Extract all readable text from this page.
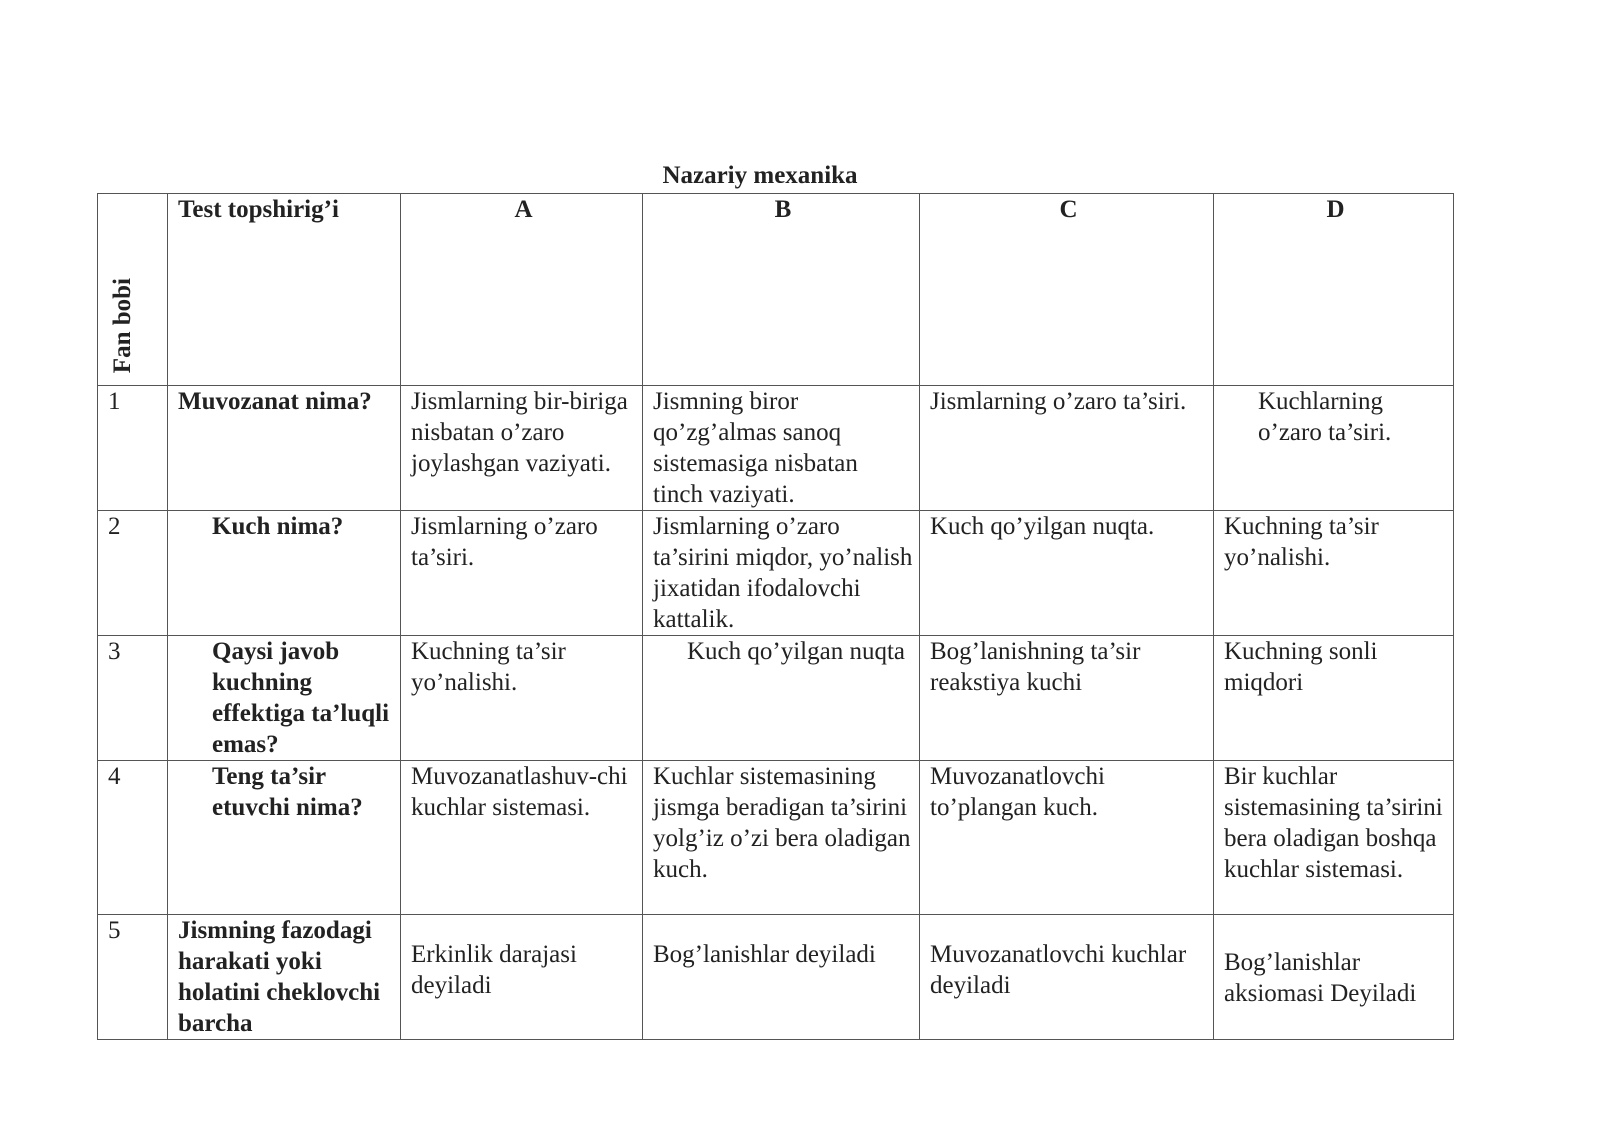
Nazariy mexanika
Fan bobi	Test topshirig’i	A	B	C	D
1	Muvozanat nima?	Jismlarning bir-biriga nisbatan o’zaro joylashgan vaziyati.	Jismning biror qo’zg’almas sanoq sistemasiga nisbatan tinch vaziyati.	Jismlarning o’zaro ta’siri.	Kuchlarning o’zaro ta’siri.
2	Kuch nima?	Jismlarning o’zaro ta’siri.	Jismlarning o’zaro ta’sirini miqdor, yo’nalish jixatidan ifodalovchi kattalik.	Kuch qo’yilgan nuqta.	Kuchning ta’sir yo’nalishi.
3	Qaysi javob kuchning effektiga ta’luqli emas?	Kuchning ta’sir yo’nalishi.	Kuch qo’yilgan nuqta	Bog’lanishning ta’sir reakstiya kuchi	Kuchning sonli miqdori
4	Teng ta’sir etuvchi nima?	Muvozanatlashuv-chi kuchlar sistemasi.	Kuchlar sistemasining jismga beradigan ta’sirini yolg’iz o’zi bera oladigan kuch.	Muvozanatlovchi to’plangan kuch.	Bir kuchlar sistemasining ta’sirini bera oladigan boshqa kuchlar sistemasi.
5	Jismning fazodagi harakati yoki holatini cheklovchi barcha	Erkinlik darajasi deyiladi	Bog’lanishlar deyiladi	Muvozanatlovchi kuchlar deyiladi	Bog’lanishlar aksiomasi Deyiladi
